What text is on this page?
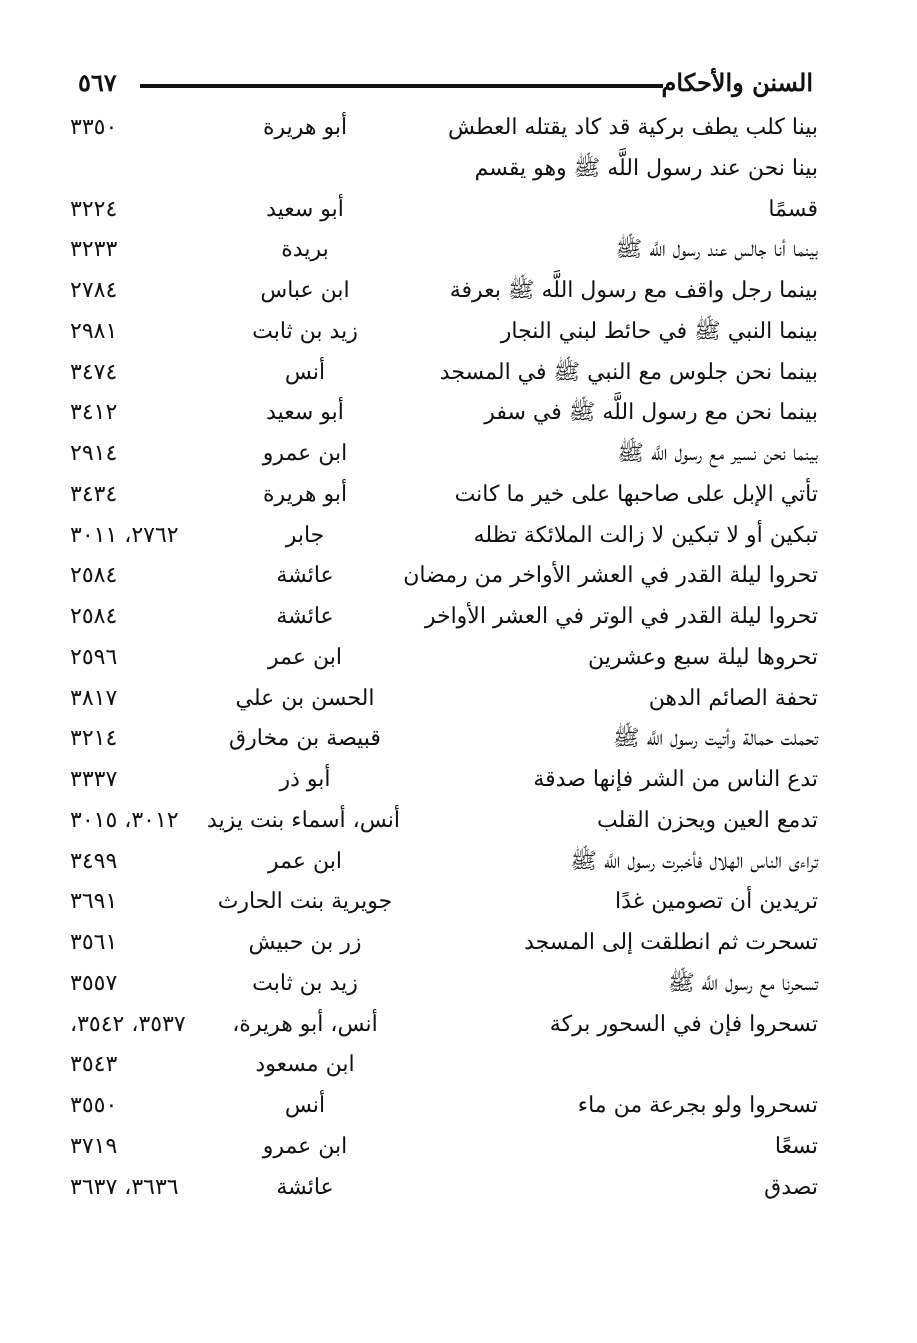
السنن والأحكام
٥٦٧
بينا كلب يطف بركية قد كاد يقتله العطش
أبو هريرة
٣٣٥٠
بينا نحن عند رسول اللَّه ﷺ وهو يقسم
قسمًا
أبو سعيد
٣٢٢٤
بينما أنا جالس عند رسول اللَّه ﷺ
بريدة
٣٢٣٣
بينما رجل واقف مع رسول اللَّه ﷺ بعرفة
ابن عباس
٢٧٨٤
بينما النبي ﷺ في حائط لبني النجار
زيد بن ثابت
٢٩٨١
بينما نحن جلوس مع النبي ﷺ في المسجد
أنس
٣٤٧٤
بينما نحن مع رسول اللَّه ﷺ في سفر
أبو سعيد
٣٤١٢
بينما نحن نسير مع رسول اللَّه ﷺ
ابن عمرو
٢٩١٤
تأتي الإبل على صاحبها على خير ما كانت
أبو هريرة
٣٤٣٤
تبكين أو لا تبكين لا زالت الملائكة تظله
جابر
٢٧٦٢، ٣٠١١
تحروا ليلة القدر في العشر الأواخر من رمضان
عائشة
٢٥٨٤
تحروا ليلة القدر في الوتر في العشر الأواخر
عائشة
٢٥٨٤
تحروها ليلة سبع وعشرين
ابن عمر
٢٥٩٦
تحفة الصائم الدهن
الحسن بن علي
٣٨١٧
تحملت حمالة وأتيت رسول اللَّه ﷺ
قبيصة بن مخارق
٣٢١٤
تدع الناس من الشر فإنها صدقة
أبو ذر
٣٣٣٧
تدمع العين ويحزن القلب
أنس، أسماء بنت يزيد
٣٠١٢، ٣٠١٥
تراءى الناس الهلال فأخبرت رسول اللَّه ﷺ
ابن عمر
٣٤٩٩
تريدين أن تصومين غدًا
جويرية بنت الحارث
٣٦٩١
تسحرت ثم انطلقت إلى المسجد
زر بن حبيش
٣٥٦١
تسحرنا مع رسول اللَّه ﷺ
زيد بن ثابت
٣٥٥٧
تسحروا فإن في السحور بركة
أنس، أبو هريرة،
٣٥٣٧، ٣٥٤٢،
ابن مسعود
٣٥٤٣
تسحروا ولو بجرعة من ماء
أنس
٣٥٥٠
تسعًا
ابن عمرو
٣٧١٩
تصدق
عائشة
٣٦٣٦، ٣٦٣٧
